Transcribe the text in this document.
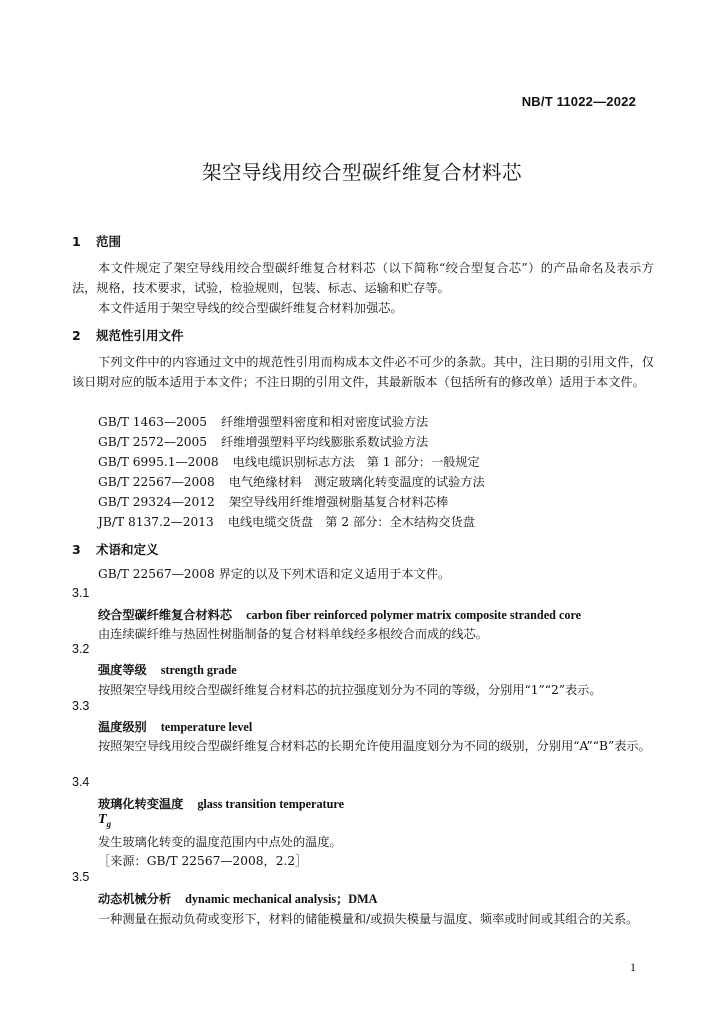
NB/T 11022—2022
架空导线用绞合型碳纤维复合材料芯
1 范围

本文件规定了架空导线用绞合型碳纤维复合材料芯（以下简称“绞合型复合芯”）的产品命名及表示方法，规格，技术要求，试验，检验规则，包装、标志、运输和贮存等。

本文件适用于架空导线的绞合型碳纤维复合材料加强芯。

2 规范性引用文件

下列文件中的内容通过文中的规范性引用而构成本文件必不可少的条款。其中，注日期的引用文件，仅该日期对应的版本适用于本文件；不注日期的引用文件，其最新版本（包括所有的修改单）适用于本文件。

GB/T 1463—2005 纤维增强塑料密度和相对密度试验方法
GB/T 2572—2005 纤维增强塑料平均线膨胀系数试验方法
GB/T 6995.1—2008 电线电缆识别标志方法　第 1 部分：一般规定
GB/T 22567—2008 电气绝缘材料　测定玻璃化转变温度的试验方法
GB/T 29324—2012 架空导线用纤维增强树脂基复合材料芯棒
JB/T 8137.2—2013 电线电缆交货盘　第 2 部分：全木结构交货盘
3 术语和定义
GB/T 22567—2008 界定的以及下列术语和定义适用于本文件。
3.1
绞合型碳纤维复合材料芯 carbon fiber reinforced polymer matrix composite stranded core
由连续碳纤维与热固性树脂制备的复合材料单线经多根绞合而成的线芯。
3.2
强度等级 strength grade
按照架空导线用绞合型碳纤维复合材料芯的抗拉强度划分为不同的等级，分别用“1”“2”表示。
3.3
温度级别 temperature level

按照架空导线用绞合型碳纤维复合材料芯的长期允许使用温度划分为不同的级别，分别用“A”“B”表示。

3.4
玻璃化转变温度 glass transition temperature
$T_g$
发生玻璃化转变的温度范围内中点处的温度。
［来源：GB/T 22567—2008，2.2］
3.5
动态机械分析 dynamic mechanical analysis；DMA
一种测量在振动负荷或变形下，材料的储能模量和/或损失模量与温度、频率或时间或其组合的关系。
1
